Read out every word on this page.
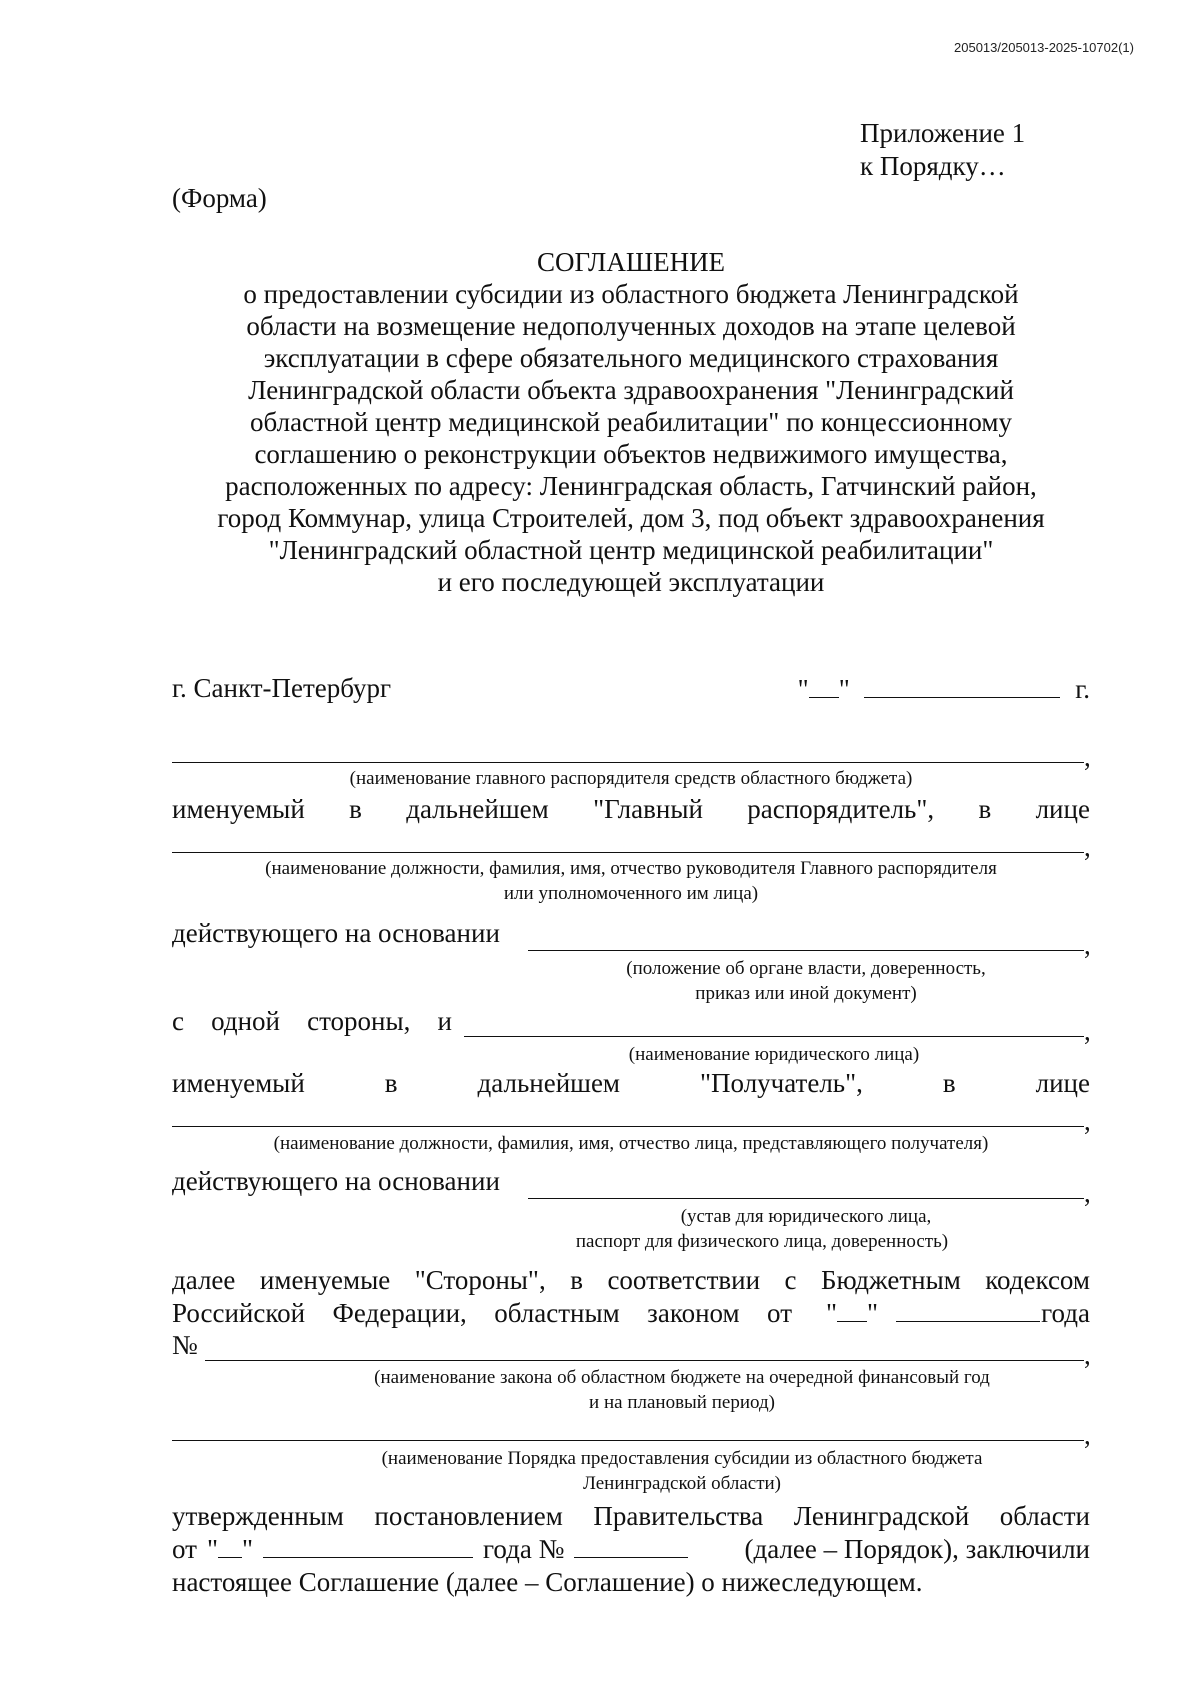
205013/205013-2025-10702(1)
Приложение 1
к Порядку…
(Форма)
СОГЛАШЕНИЕ
о предоставлении субсидии из областного бюджета Ленинградской
области на возмещение недополученных доходов на этапе целевой
эксплуатации в сфере обязательного медицинского страхования
Ленинградской области объекта здравоохранения "Ленинградский
областной центр медицинской реабилитации" по концессионному
соглашению о реконструкции объектов недвижимого имущества,
расположенных по адресу: Ленинградская область, Гатчинский район,
город Коммунар, улица Строителей, дом 3, под объект здравоохранения
"Ленинградский областной центр медицинской реабилитации"
и его последующей эксплуатации
г. Санкт-Петербург	" "	г.
,
(наименование главного распорядителя средств областного бюджета)
именуемый в дальнейшем "Главный распорядитель", в лице
,
(наименование должности, фамилия, имя, отчество руководителя Главного распорядителя
или уполномоченного им лица)
действующего на основании	,
(положение об органе власти, доверенность,
приказ или иной документ)
с одной стороны, и	,
(наименование юридического лица)
именуемый	в	дальнейшем	"Получатель",	в	лице
,
(наименование должности, фамилия, имя, отчество лица, представляющего получателя)
действующего на основании	,
(устав для юридического лица,
паспорт для физического лица, доверенность)
далее именуемые "Стороны", в соответствии с Бюджетным кодексом
Российской Федерации, областным законом от " "	года
№	,
(наименование закона об областном бюджете на очередной финансовый год
и на плановый период)
,
(наименование Порядка предоставления субсидии из областного бюджета
Ленинградской области)
утвержденным постановлением Правительства Ленинградской области
от " "	года №	(далее – Порядок), заключили
настоящее Соглашение (далее – Соглашение) о нижеследующем.
